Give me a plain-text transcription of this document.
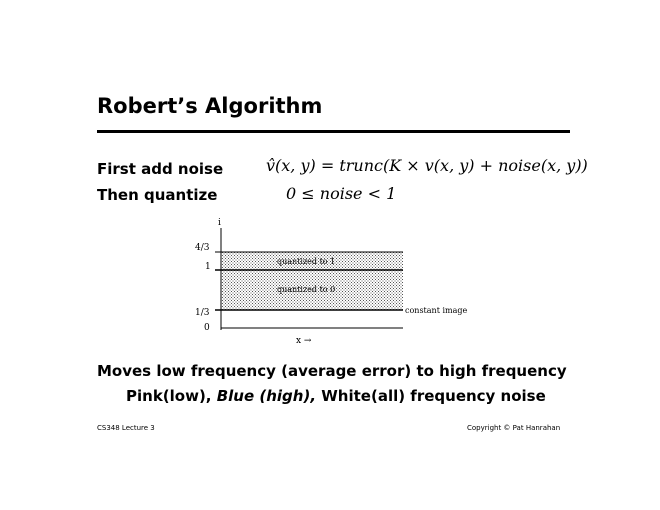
Robert’s Algorithm
First add noise	v̂(x, y) = trunc(K × v(x, y) + noise(x, y))
Then quantize	0 ≤ noise < 1
i
4/3
1
1/3
0
quantized to 1
quantized to 0
constant image
x →
Moves low frequency (average error) to high frequency
Pink(low), Blue (high), White(all) frequency noise
CS348 Lecture 3	Copyright © Pat Hanrahan
